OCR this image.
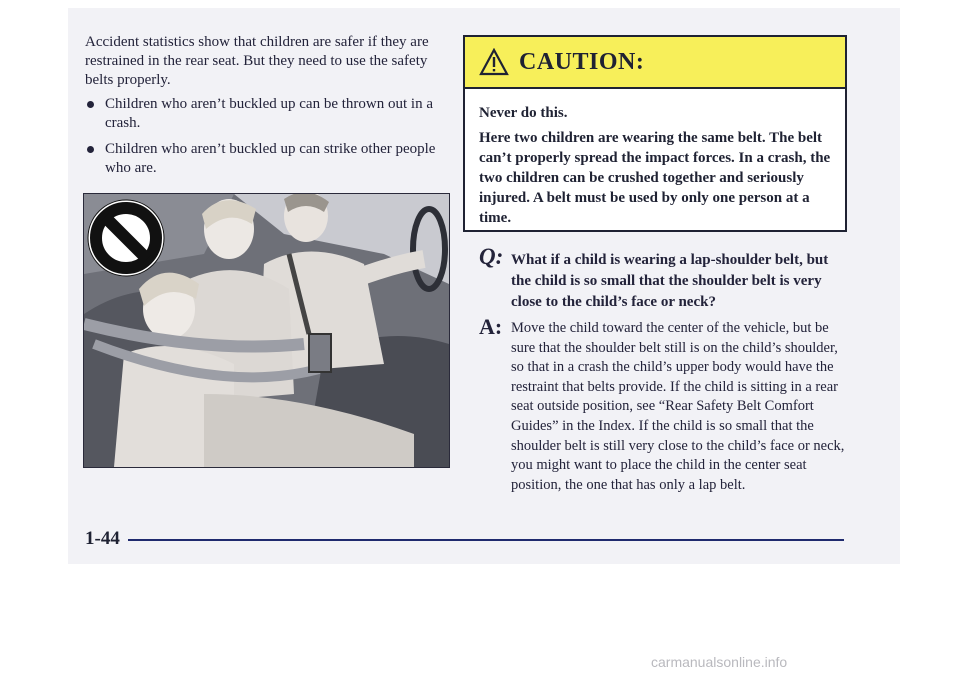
Accident statistics show that children are safer if they are restrained in the rear seat. But they need to use the safety belts properly.

Children who aren’t buckled up can be thrown out in a crash.
Children who aren’t buckled up can strike other people who are.
CAUTION:

Never do this.

Here two children are wearing the same belt. The belt can’t properly spread the impact forces. In a crash, the two children can be crushed together and seriously injured. A belt must be used by only one person at a time.

Q: What if a child is wearing a lap-shoulder belt, but the child is so small that the shoulder belt is very close to the child’s face or neck?

A: Move the child toward the center of the vehicle, but be sure that the shoulder belt still is on the child’s shoulder, so that in a crash the child’s upper body would have the restraint that belts provide. If the child is sitting in a rear seat outside position, see “Rear Safety Belt Comfort Guides” in the Index. If the child is so small that the shoulder belt is still very close to the child’s face or neck, you might want to place the child in the center seat position, the one that has only a lap belt.

1-44
carmanualsonline.info
